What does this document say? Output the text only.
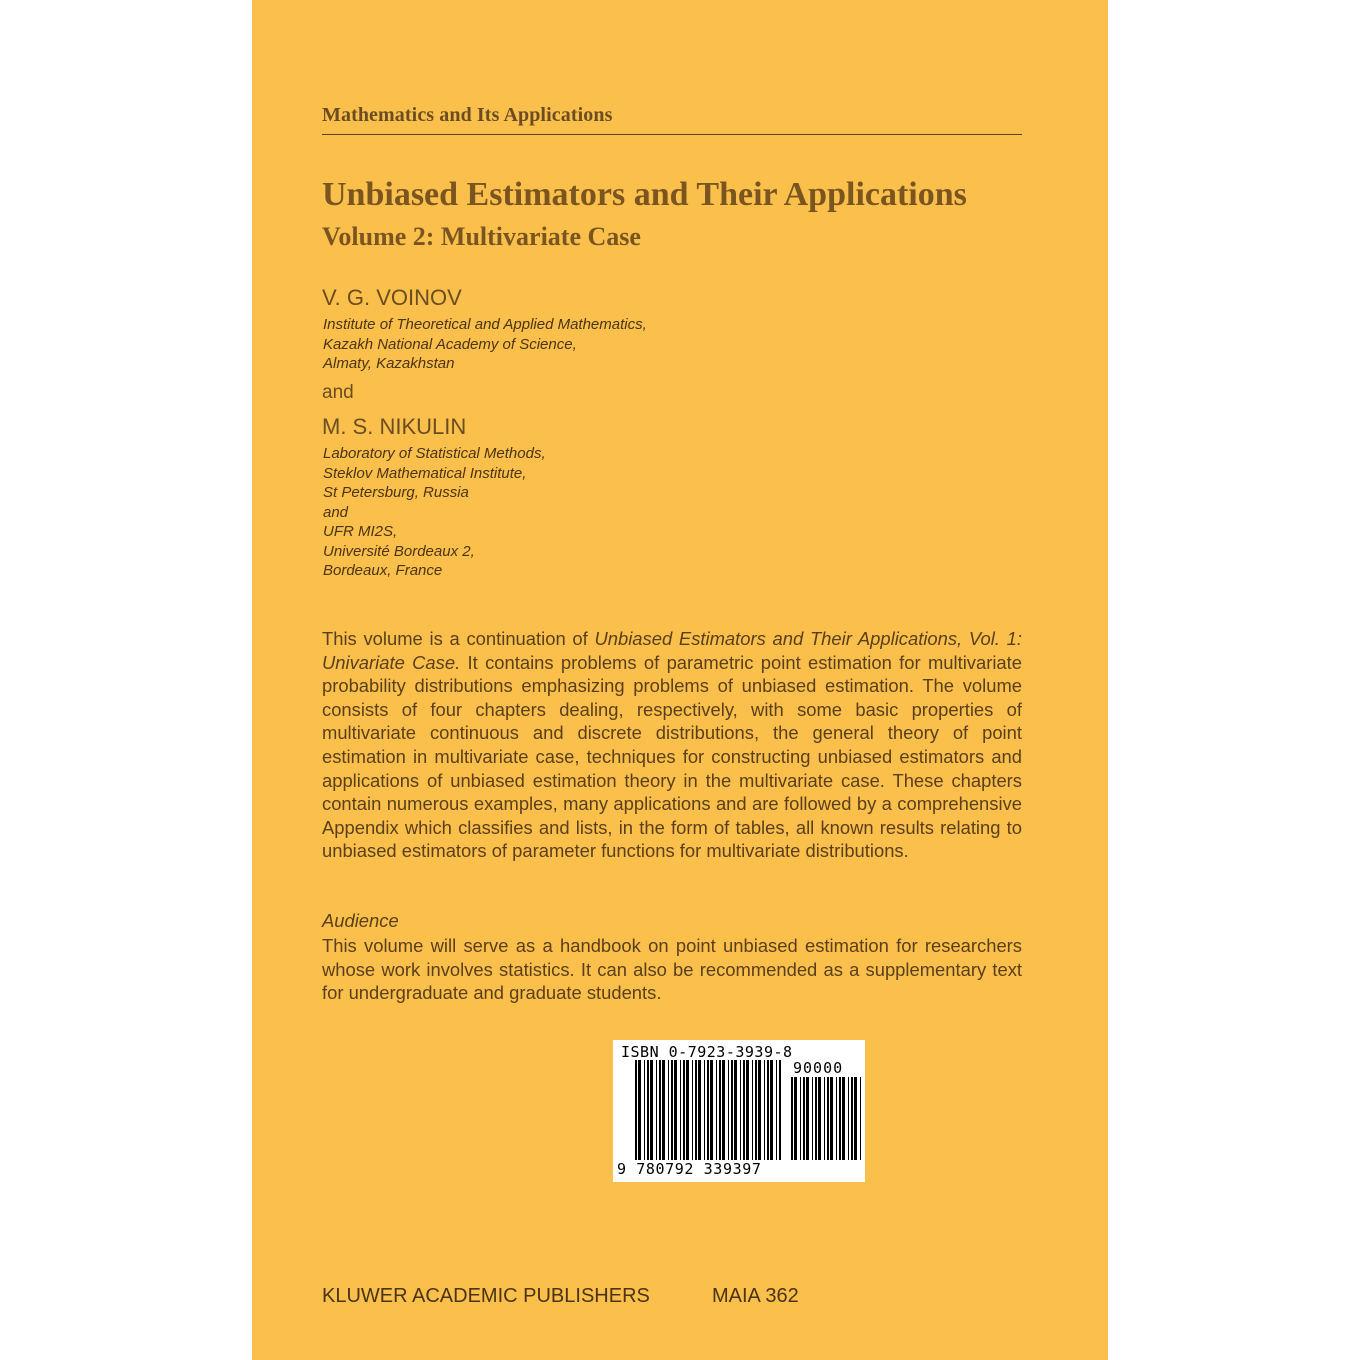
Mathematics and Its Applications

Unbiased Estimators and Their Applications
Volume 2: Multivariate Case

V. G. VOINOV

Institute of Theoretical and Applied Mathematics,
Kazakh National Academy of Science,
Almaty, Kazakhstan

and

M. S. NIKULIN

Laboratory of Statistical Methods,
Steklov Mathematical Institute,
St Petersburg, Russia
and
UFR MI2S,
Université Bordeaux 2,
Bordeaux, France

This volume is a continuation of Unbiased Estimators and Their Applications, Vol. 1: Univariate Case. It contains problems of parametric point estimation for multivariate probability distributions emphasizing problems of unbiased estimation. The volume consists of four chapters dealing, respectively, with some basic properties of multivariate continuous and discrete distributions, the general theory of point estimation in multivariate case, techniques for constructing unbiased estimators and applications of unbiased estimation theory in the multivariate case. These chapters contain numerous examples, many applications and are followed by a comprehensive Appendix which classifies and lists, in the form of tables, all known results relating to unbiased estimators of parameter functions for multivariate distributions.

Audience

This volume will serve as a handbook on point unbiased estimation for researchers whose work involves statistics. It can also be recommended as a supplementary text for undergraduate and graduate students.

ISBN 0-7923-3939-8
90000
9 780792 339397

KLUWER ACADEMIC PUBLISHERS	MAIA 362
